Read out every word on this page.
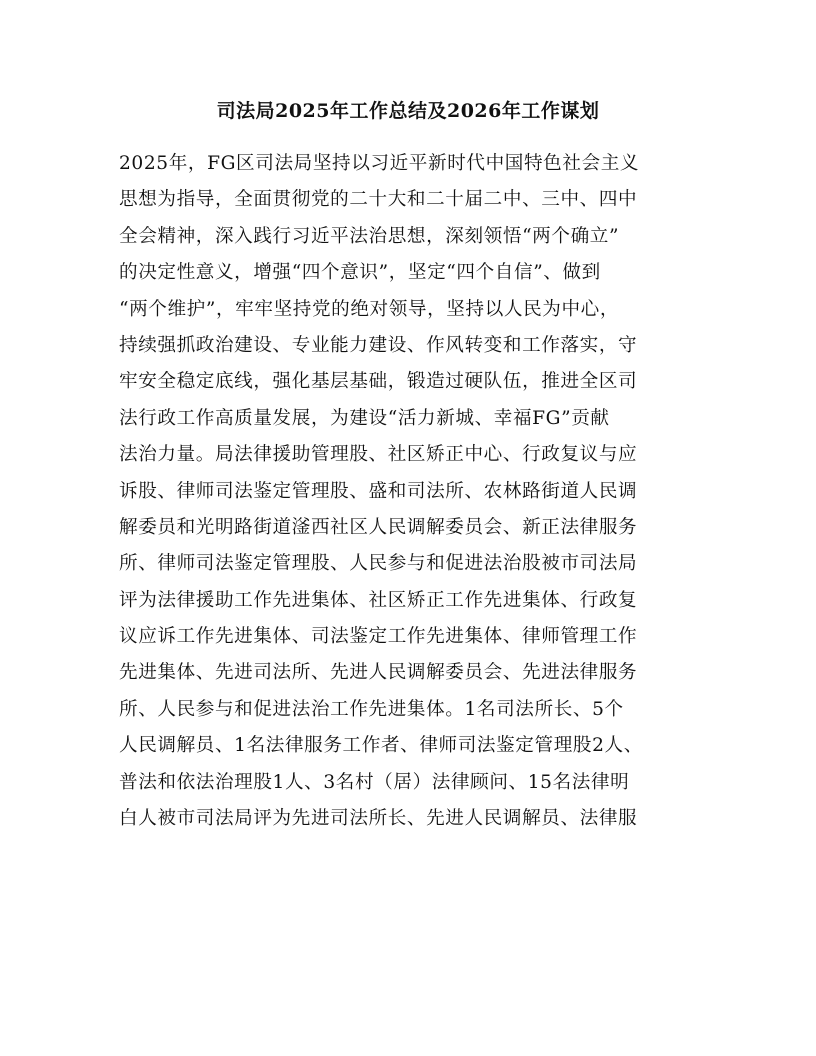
司法局2025年工作总结及2026年工作谋划
2025年，FG区司法局坚持以习近平新时代中国特色社会主义
思想为指导，全面贯彻党的二十大和二十届二中、三中、四中
全会精神，深入践行习近平法治思想，深刻领悟“两个确立”
的决定性意义，增强“四个意识”，坚定“四个自信”、做到
“两个维护”，牢牢坚持党的绝对领导，坚持以人民为中心，
持续强抓政治建设、专业能力建设、作风转变和工作落实，守
牢安全稳定底线，强化基层基础，锻造过硬队伍，推进全区司
法行政工作高质量发展，为建设“活力新城、幸福FG”贡献
法治力量。局法律援助管理股、社区矫正中心、行政复议与应
诉股、律师司法鉴定管理股、盛和司法所、农林路街道人民调
解委员和光明路街道滏西社区人民调解委员会、新正法律服务
所、律师司法鉴定管理股、人民参与和促进法治股被市司法局
评为法律援助工作先进集体、社区矫正工作先进集体、行政复
议应诉工作先进集体、司法鉴定工作先进集体、律师管理工作
先进集体、先进司法所、先进人民调解委员会、先进法律服务
所、人民参与和促进法治工作先进集体。1名司法所长、5个
人民调解员、1名法律服务工作者、律师司法鉴定管理股2人、
普法和依法治理股1人、3名村（居）法律顾问、15名法律明
白人被市司法局评为先进司法所长、先进人民调解员、法律服
